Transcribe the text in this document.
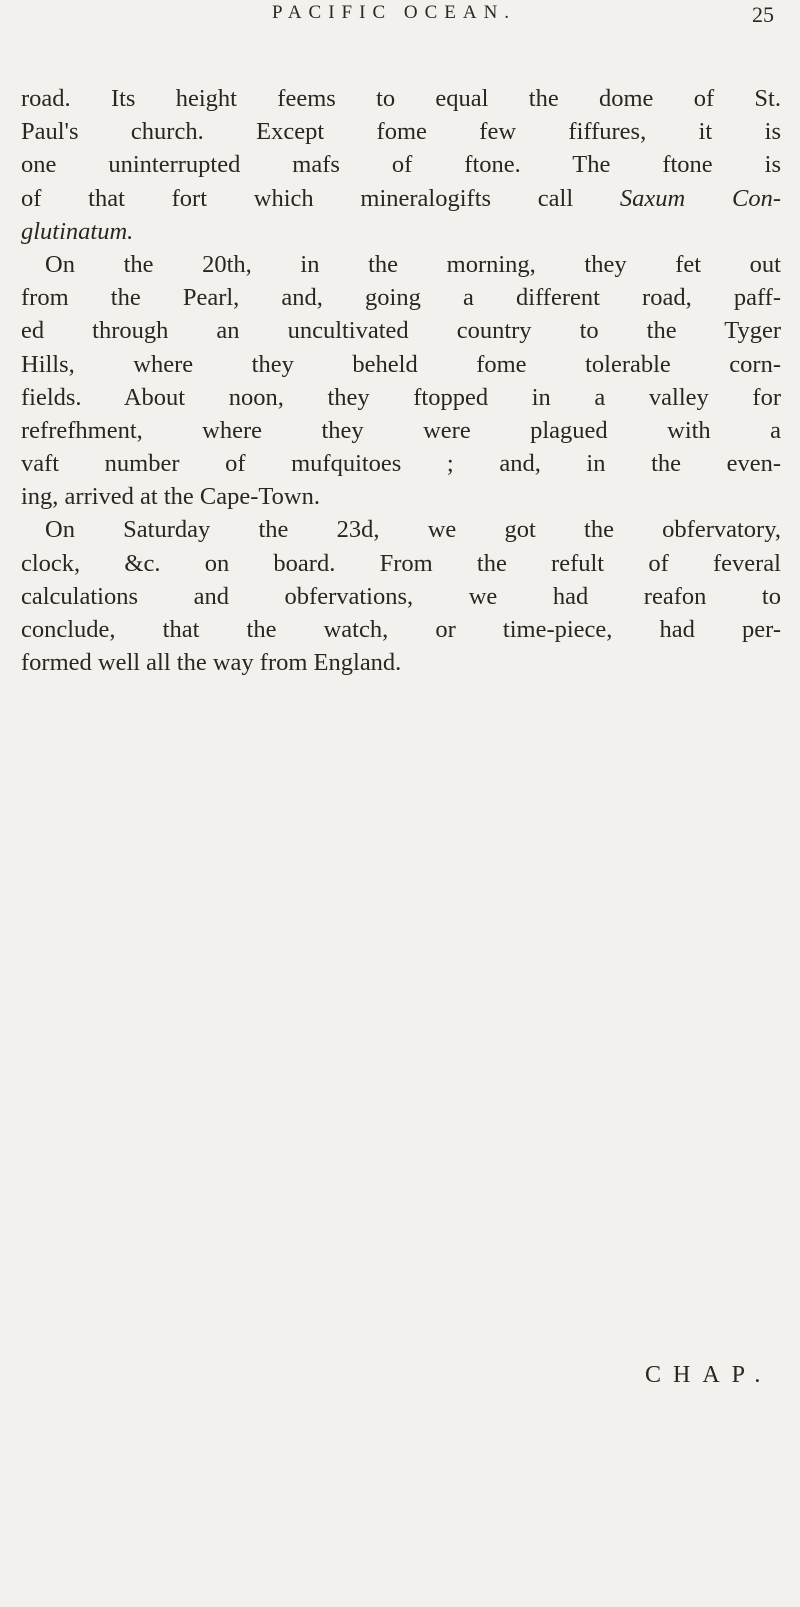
PACIFIC OCEAN.	25
road. Its height feems to equal the dome of St.
Paul's church. Except fome few fiffures, it is
one uninterrupted mafs of ftone. The ftone is
of that fort which mineralogifts call Saxum Con-
glutinatum.
On the 20th, in the morning, they fet out
from the Pearl, and, going a different road, paff-
ed through an uncultivated country to the Tyger
Hills, where they beheld fome tolerable corn-
fields. About noon, they ftopped in a valley for
refrefhment, where they were plagued with a
vaft number of mufquitoes ; and, in the even-
ing, arrived at the Cape-Town.
On Saturday the 23d, we got the obfervatory,
clock, &c. on board. From the refult of feveral
calculations and obfervations, we had reafon to
conclude, that the watch, or time-piece, had per-
formed well all the way from England.
CHAP.
